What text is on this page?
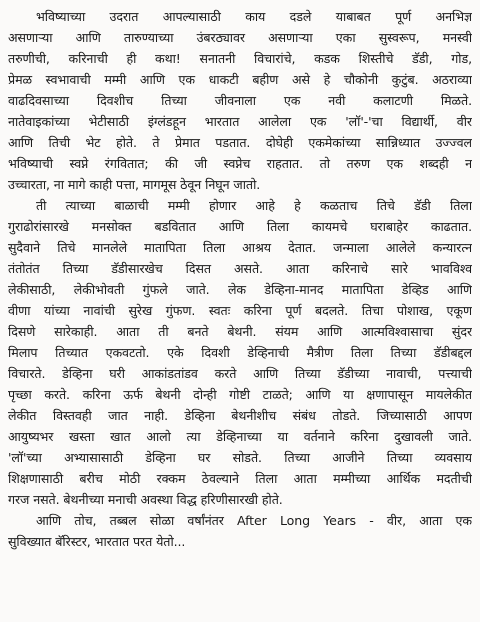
भविष्याच्या उदरात आपल्यासाठी काय दडले याबाबत पूर्ण अनभिज्ञ
असणाऱ्या आणि तारुण्याच्या उंबरठ्यावर असणाऱ्या एका सुस्वरूप, मनस्वी
तरुणीची, करिनाची ही कथा! सनातनी विचारांचे, कडक शिस्तीचे डॅडी, गोड,
प्रेमळ स्वभावाची मम्मी आणि एक धाकटी बहीण असे हे चौकोनी कुटुंब. अठराव्या
वाढदिवसाच्या दिवशीच तिच्या जीवनाला एक नवी कलाटणी मिळते.
नातेवाइकांच्या भेटीसाठी इंग्लंडहून भारतात आलेला एक 'लॉ'-'चा विद्यार्थी, वीर
आणि तिची भेट होते. ते प्रेमात पडतात. दोघेही एकमेकांच्या सान्निध्यात उज्ज्वल
भविष्याची स्वप्ने रंगवितात; की जी स्वप्नेच राहतात. तो तरुण एक शब्दही न
उच्चारता, ना मागे काही पत्ता, मागमूस ठेवून निघून जातो.
ती त्याच्या बाळाची मम्मी होणार आहे हे कळताच तिचे डॅडी तिला
गुराढोरांसारखे मनसोक्त बडवितात आणि तिला कायमचे घराबाहेर काढतात.
सुदैवाने तिचे मानलेले मातापिता तिला आश्रय देतात. जन्माला आलेले कन्यारत्न
तंतोतंत तिच्या डॅडीसारखेच दिसत असते. आता करिनाचे सारे भावविश्व
लेकीसाठी, लेकीभोवती गुंफले जाते. लेक डेव्हिना-मानद मातापिता डेव्हिड आणि
वीणा यांच्या नावांची सुरेख गुंफण. स्वतः करिना पूर्ण बदलते. तिचा पोशाख, एकूण
दिसणे सारेकाही. आता ती बनते बेथनी. संयम आणि आत्मविश्वासाचा सुंदर
मिलाप तिच्यात एकवटतो. एके दिवशी डेव्हिनाची मैत्रीण तिला तिच्या डॅडीबद्दल
विचारते. डेव्हिना घरी आकांडतांडव करते आणि तिच्या डॅडीच्या नावाची, पत्त्याची
पृच्छा करते. करिना ऊर्फ बेथनी दोन्ही गोष्टी टाळते; आणि या क्षणापासून मायलेकीत
लेकीत विस्तवही जात नाही. डेव्हिना बेथनीशीच संबंध तोडते. जिच्यासाठी आपण
आयुष्यभर खस्ता खात आलो त्या डेव्हिनाच्या या वर्तनाने करिना दुखावली जाते.
'लॉ'च्या अभ्यासासाठी डेव्हिना घर सोडते. तिच्या आजीने तिच्या व्यवसाय
शिक्षणासाठी बरीच मोठी रक्कम ठेवल्याने तिला आता मम्मीच्या आर्थिक मदतीची
गरज नसते. बेथनीच्या मनाची अवस्था विद्ध हरिणीसारखी होते.
आणि तोच, तब्बल सोळा वर्षांनंतर After Long Years - वीर, आता एक
सुविख्यात बॅरिस्टर, भारतात परत येतो...
